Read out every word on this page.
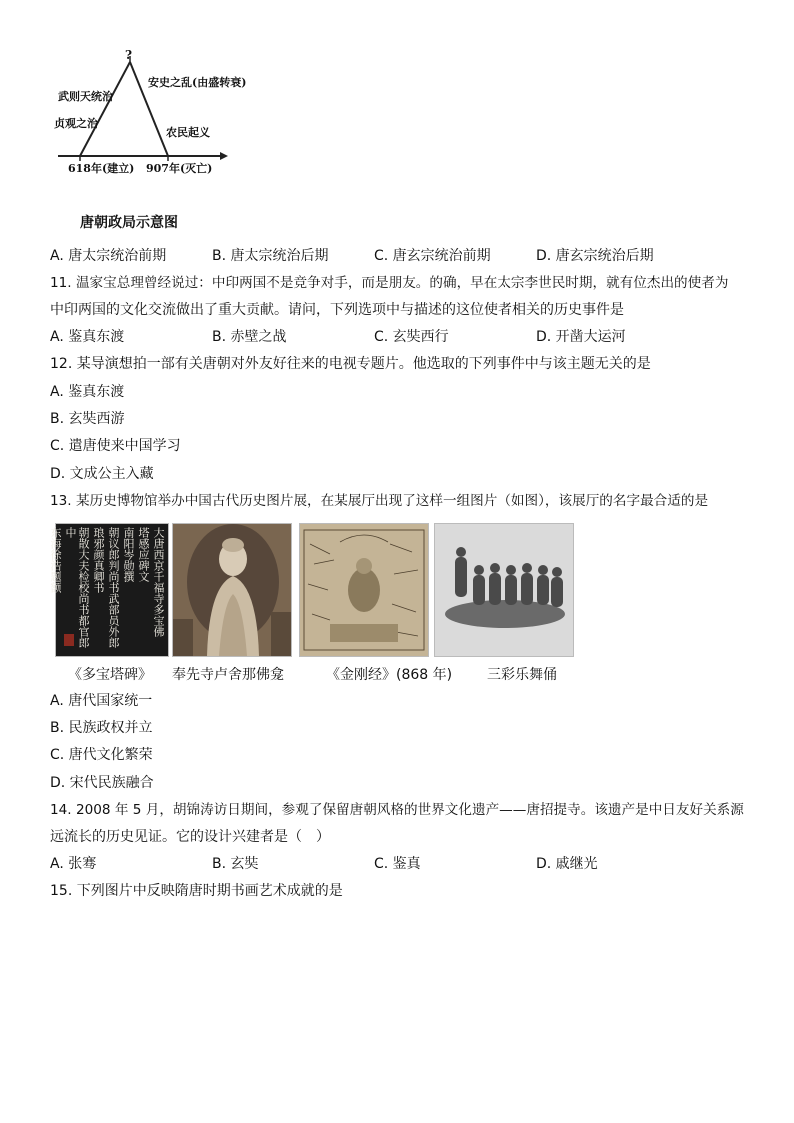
?
武则天统治
贞观之治
安史之乱(由盛转衰)
农民起义
618年(建立) 907年(灭亡)
唐朝政局示意图
A. 唐太宗统治前期	B. 唐太宗统治后期	C. 唐玄宗统治前期	D. 唐玄宗统治后期
11. 温家宝总理曾经说过：中印两国不是竞争对手，而是朋友。的确，早在太宗李世民时期，就有位杰出的使者为
中印两国的文化交流做出了重大贡献。请问，下列选项中与描述的这位使者相关的历史事件是
A. 鉴真东渡	B. 赤壁之战	C. 玄奘西行	D. 开凿大运河
12. 某导演想拍一部有关唐朝对外友好往来的电视专题片。他选取的下列事件中与该主题无关的是
A. 鉴真东渡
B. 玄奘西游
C. 遣唐使来中国学习
D. 文成公主入藏
13. 某历史博物馆举办中国古代历史图片展，在某展厅出现了这样一组图片（如图），该展厅的名字最合适的是
大唐西京千福寺多宝佛
塔感应碑文
南阳岑勋撰
朝议郎判尚书武部员外郎
琅邪颜真卿书
朝散大夫检校尚书都官郎中
东海徐浩题额
《多宝塔碑》 奉先寺卢舍那佛龛	《金刚经》(868 年) 三彩乐舞俑
A. 唐代国家统一
B. 民族政权并立
C. 唐代文化繁荣
D. 宋代民族融合
14. 2008 年 5 月，胡锦涛访日期间，参观了保留唐朝风格的世界文化遗产——唐招提寺。该遗产是中日友好关系源
远流长的历史见证。它的设计兴建者是（　）
A. 张骞	B. 玄奘	C. 鉴真	D. 戚继光
15. 下列图片中反映隋唐时期书画艺术成就的是
